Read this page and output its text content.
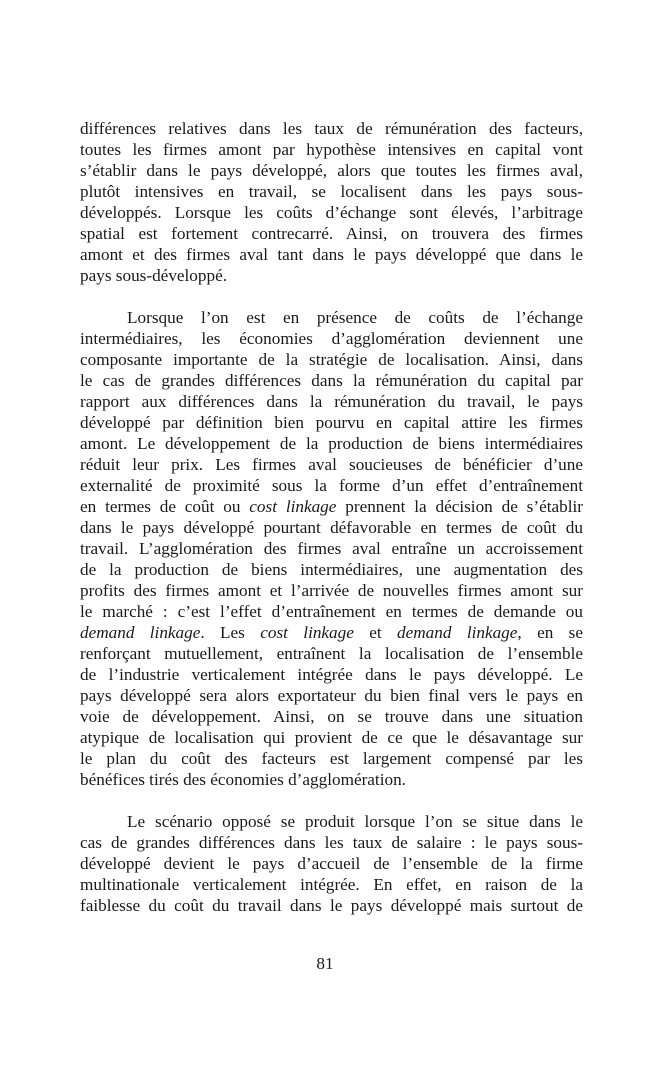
différences relatives dans les taux de rémunération des facteurs,
toutes les firmes amont par hypothèse intensives en capital vont
s’établir dans le pays développé, alors que toutes les firmes aval,
plutôt intensives en travail, se localisent dans les pays sous-
développés. Lorsque les coûts d’échange sont élevés, l’arbitrage
spatial est fortement contrecarré. Ainsi, on trouvera des firmes
amont et des firmes aval tant dans le pays développé que dans le
pays sous-développé.
Lorsque l’on est en présence de coûts de l’échange
intermédiaires, les économies d’agglomération deviennent une
composante importante de la stratégie de localisation. Ainsi, dans
le cas de grandes différences dans la rémunération du capital par
rapport aux différences dans la rémunération du travail, le pays
développé par définition bien pourvu en capital attire les firmes
amont. Le développement de la production de biens intermédiaires
réduit leur prix. Les firmes aval soucieuses de bénéficier d’une
externalité de proximité sous la forme d’un effet d’entraînement
en termes de coût ou cost linkage prennent la décision de s’établir
dans le pays développé pourtant défavorable en termes de coût du
travail. L’agglomération des firmes aval entraîne un accroissement
de la production de biens intermédiaires, une augmentation des
profits des firmes amont et l’arrivée de nouvelles firmes amont sur
le marché : c’est l’effet d’entraînement en termes de demande ou
demand linkage. Les cost linkage et demand linkage, en se
renforçant mutuellement, entraînent la localisation de l’ensemble
de l’industrie verticalement intégrée dans le pays développé. Le
pays développé sera alors exportateur du bien final vers le pays en
voie de développement. Ainsi, on se trouve dans une situation
atypique de localisation qui provient de ce que le désavantage sur
le plan du coût des facteurs est largement compensé par les
bénéfices tirés des économies d’agglomération.
Le scénario opposé se produit lorsque l’on se situe dans le
cas de grandes différences dans les taux de salaire : le pays sous-
développé devient le pays d’accueil de l’ensemble de la firme
multinationale verticalement intégrée. En effet, en raison de la
faiblesse du coût du travail dans le pays développé mais surtout de
81
